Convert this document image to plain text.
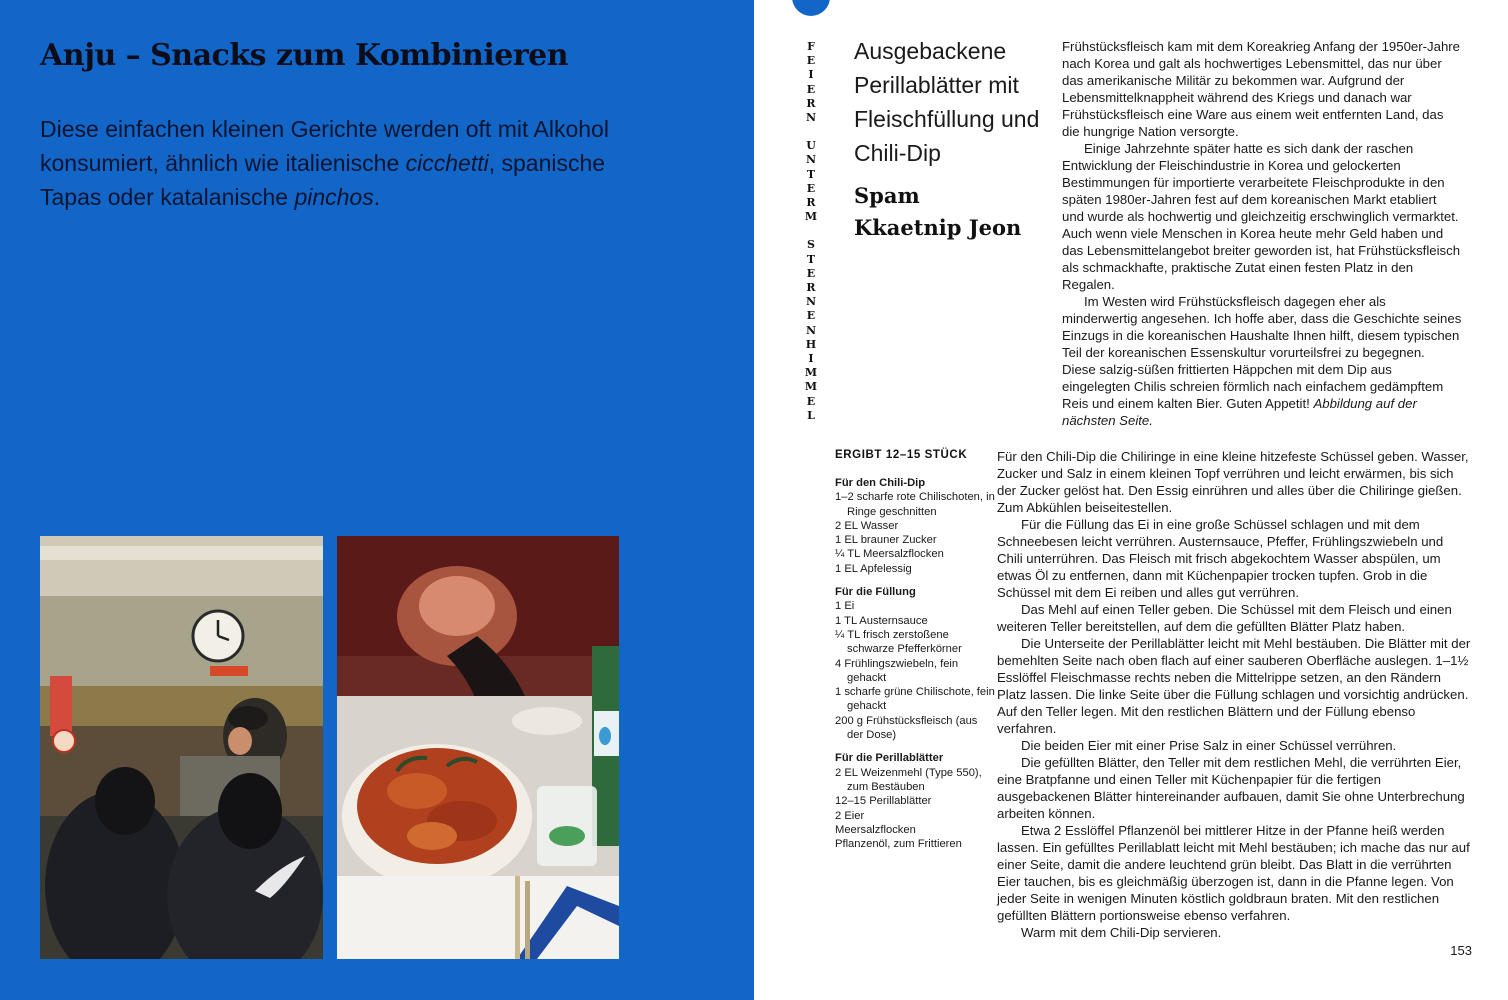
Anju – Snacks zum Kombinieren

Diese einfachen kleinen Gerichte werden oft mit Alkohol konsumiert, ähnlich wie italienische cicchetti, spanische Tapas oder katalanische pinchos.

F
E
I
E
R
N
U
N
T
E
R
M
S
T
E
R
N
E
N
H
I
M
M
E
L
Ausgebackene Perillablätter mit Fleischfüllung und Chili-Dip
Spam
Kkaetnip Jeon

Frühstücksfleisch kam mit dem Koreakrieg Anfang der 1950er-Jahre nach Korea und galt als hochwertiges Lebensmittel, das nur über das amerikanische Militär zu bekommen war. Aufgrund der Lebensmittelknappheit während des Kriegs und danach war Frühstücksfleisch eine Ware aus einem weit entfernten Land, das die hungrige Nation versorgte.

Einige Jahrzehnte später hatte es sich dank der raschen Entwicklung der Fleischindustrie in Korea und gelockerten Bestimmungen für importierte verarbeitete Fleischprodukte in den späten 1980er-Jahren fest auf dem koreanischen Markt etabliert und wurde als hochwertig und gleichzeitig erschwinglich vermarktet. Auch wenn viele Menschen in Korea heute mehr Geld haben und das Lebensmittelangebot breiter geworden ist, hat Frühstücksfleisch als schmackhafte, praktische Zutat einen festen Platz in den Regalen.

Im Westen wird Frühstücksfleisch dagegen eher als minderwertig angesehen. Ich hoffe aber, dass die Geschichte seines Einzugs in die koreanischen Haushalte Ihnen hilft, diesem typischen Teil der koreanischen Essenskultur vorurteilsfrei zu begegnen. Diese salzig-süßen frittierten Häppchen mit dem Dip aus eingelegten Chilis schreien förmlich nach einfachem gedämpftem Reis und einem kalten Bier. Guten Appetit! Abbildung auf der nächsten Seite.

ERGIBT 12–15 STÜCK
Für den Chili-Dip
1–2 scharfe rote Chilischoten, in Ringe geschnitten
2 EL Wasser
1 EL brauner Zucker
¼ TL Meersalzflocken
1 EL Apfelessig
Für die Füllung
1 Ei
1 TL Austernsauce
¼ TL frisch zerstoßene schwarze Pfefferkörner
4 Frühlingszwiebeln, fein gehackt
1 scharfe grüne Chilischote, fein gehackt
200 g Frühstücksfleisch (aus der Dose)
Für die Perillablätter
2 EL Weizenmehl (Type 550), zum Bestäuben
12–15 Perillablätter
2 Eier
Meersalzflocken
Pflanzenöl, zum Frittieren

Für den Chili-Dip die Chiliringe in eine kleine hitzefeste Schüssel geben. Wasser, Zucker und Salz in einem kleinen Topf verrühren und leicht erwärmen, bis sich der Zucker gelöst hat. Den Essig einrühren und alles über die Chiliringe gießen. Zum Abkühlen beiseitestellen.

Für die Füllung das Ei in eine große Schüssel schlagen und mit dem Schneebesen leicht verrühren. Austernsauce, Pfeffer, Frühlingszwiebeln und Chili unterrühren. Das Fleisch mit frisch abgekochtem Wasser abspülen, um etwas Öl zu entfernen, dann mit Küchenpapier trocken tupfen. Grob in die Schüssel mit dem Ei reiben und alles gut verrühren.

Das Mehl auf einen Teller geben. Die Schüssel mit dem Fleisch und einen weiteren Teller bereitstellen, auf dem die gefüllten Blätter Platz haben.

Die Unterseite der Perillablätter leicht mit Mehl bestäuben. Die Blätter mit der bemehlten Seite nach oben flach auf einer sauberen Oberfläche auslegen. 1–1½ Esslöffel Fleischmasse rechts neben die Mittelrippe setzen, an den Rändern Platz lassen. Die linke Seite über die Füllung schlagen und vorsichtig andrücken. Auf den Teller legen. Mit den restlichen Blättern und der Füllung ebenso verfahren.

Die beiden Eier mit einer Prise Salz in einer Schüssel verrühren.

Die gefüllten Blätter, den Teller mit dem restlichen Mehl, die verrührten Eier, eine Bratpfanne und einen Teller mit Küchenpapier für die fertigen ausgebackenen Blätter hintereinander aufbauen, damit Sie ohne Unterbrechung arbeiten können.

Etwa 2 Esslöffel Pflanzenöl bei mittlerer Hitze in der Pfanne heiß werden lassen. Ein gefülltes Perillablatt leicht mit Mehl bestäuben; ich mache das nur auf einer Seite, damit die andere leuchtend grün bleibt. Das Blatt in die verrührten Eier tauchen, bis es gleichmäßig überzogen ist, dann in die Pfanne legen. Von jeder Seite in wenigen Minuten köstlich goldbraun braten. Mit den restlichen gefüllten Blättern portionsweise ebenso verfahren.

Warm mit dem Chili-Dip servieren.

153
